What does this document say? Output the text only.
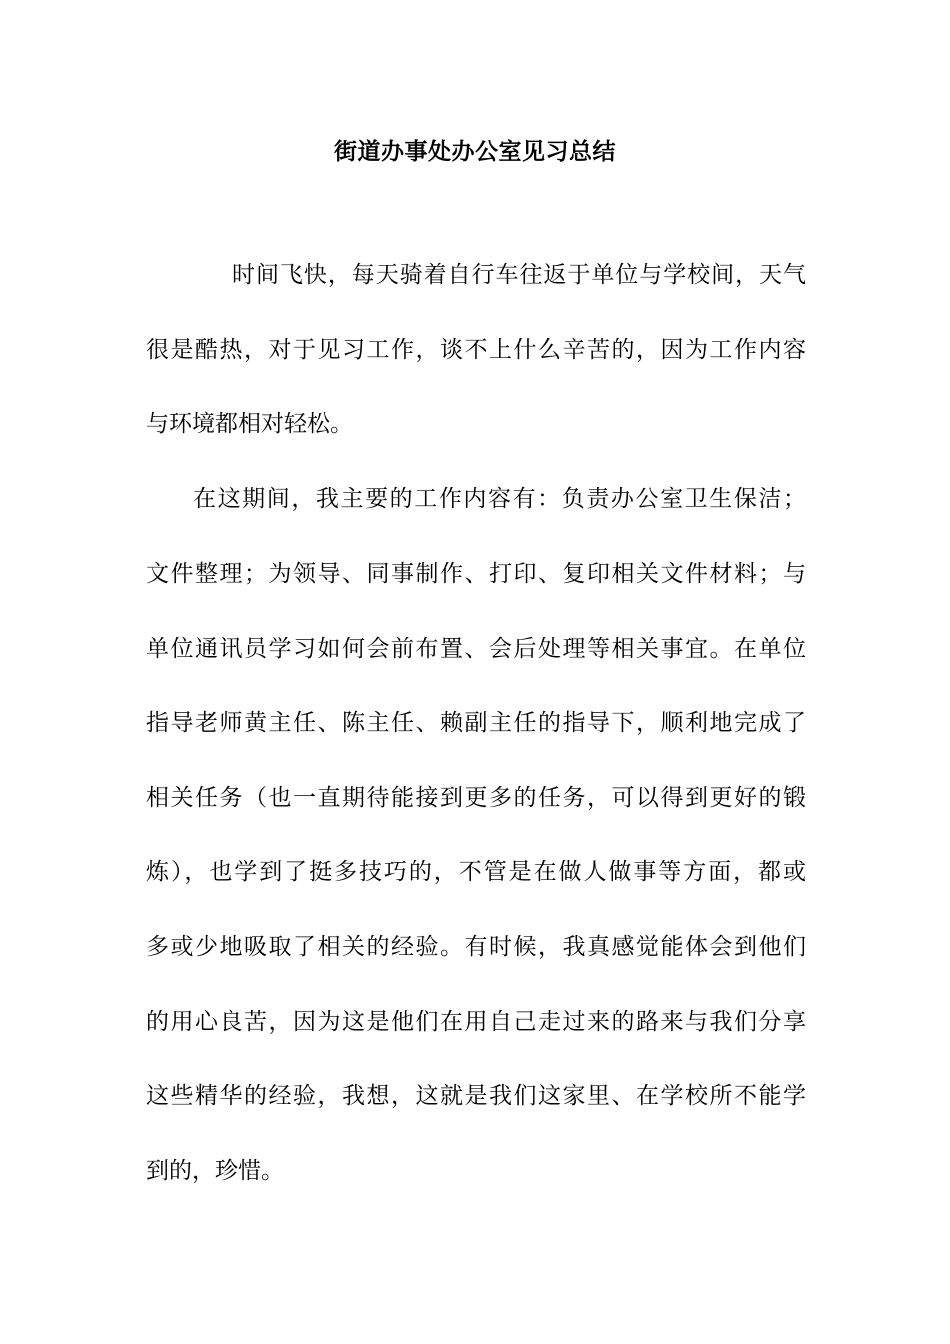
街道办事处办公室见习总结

时间飞快，每天骑着自行车往返于单位与学校间，天气

很是酷热，对于见习工作，谈不上什么辛苦的，因为工作内容

与环境都相对轻松。

在这期间，我主要的工作内容有：负责办公室卫生保洁；

文件整理；为领导、同事制作、打印、复印相关文件材料；与

单位通讯员学习如何会前布置、会后处理等相关事宜。在单位

指导老师黄主任、陈主任、赖副主任的指导下，顺利地完成了

相关任务（也一直期待能接到更多的任务，可以得到更好的锻

炼），也学到了挺多技巧的，不管是在做人做事等方面，都或

多或少地吸取了相关的经验。有时候，我真感觉能体会到他们

的用心良苦，因为这是他们在用自己走过来的路来与我们分享

这些精华的经验，我想，这就是我们这家里、在学校所不能学

到的，珍惜。
